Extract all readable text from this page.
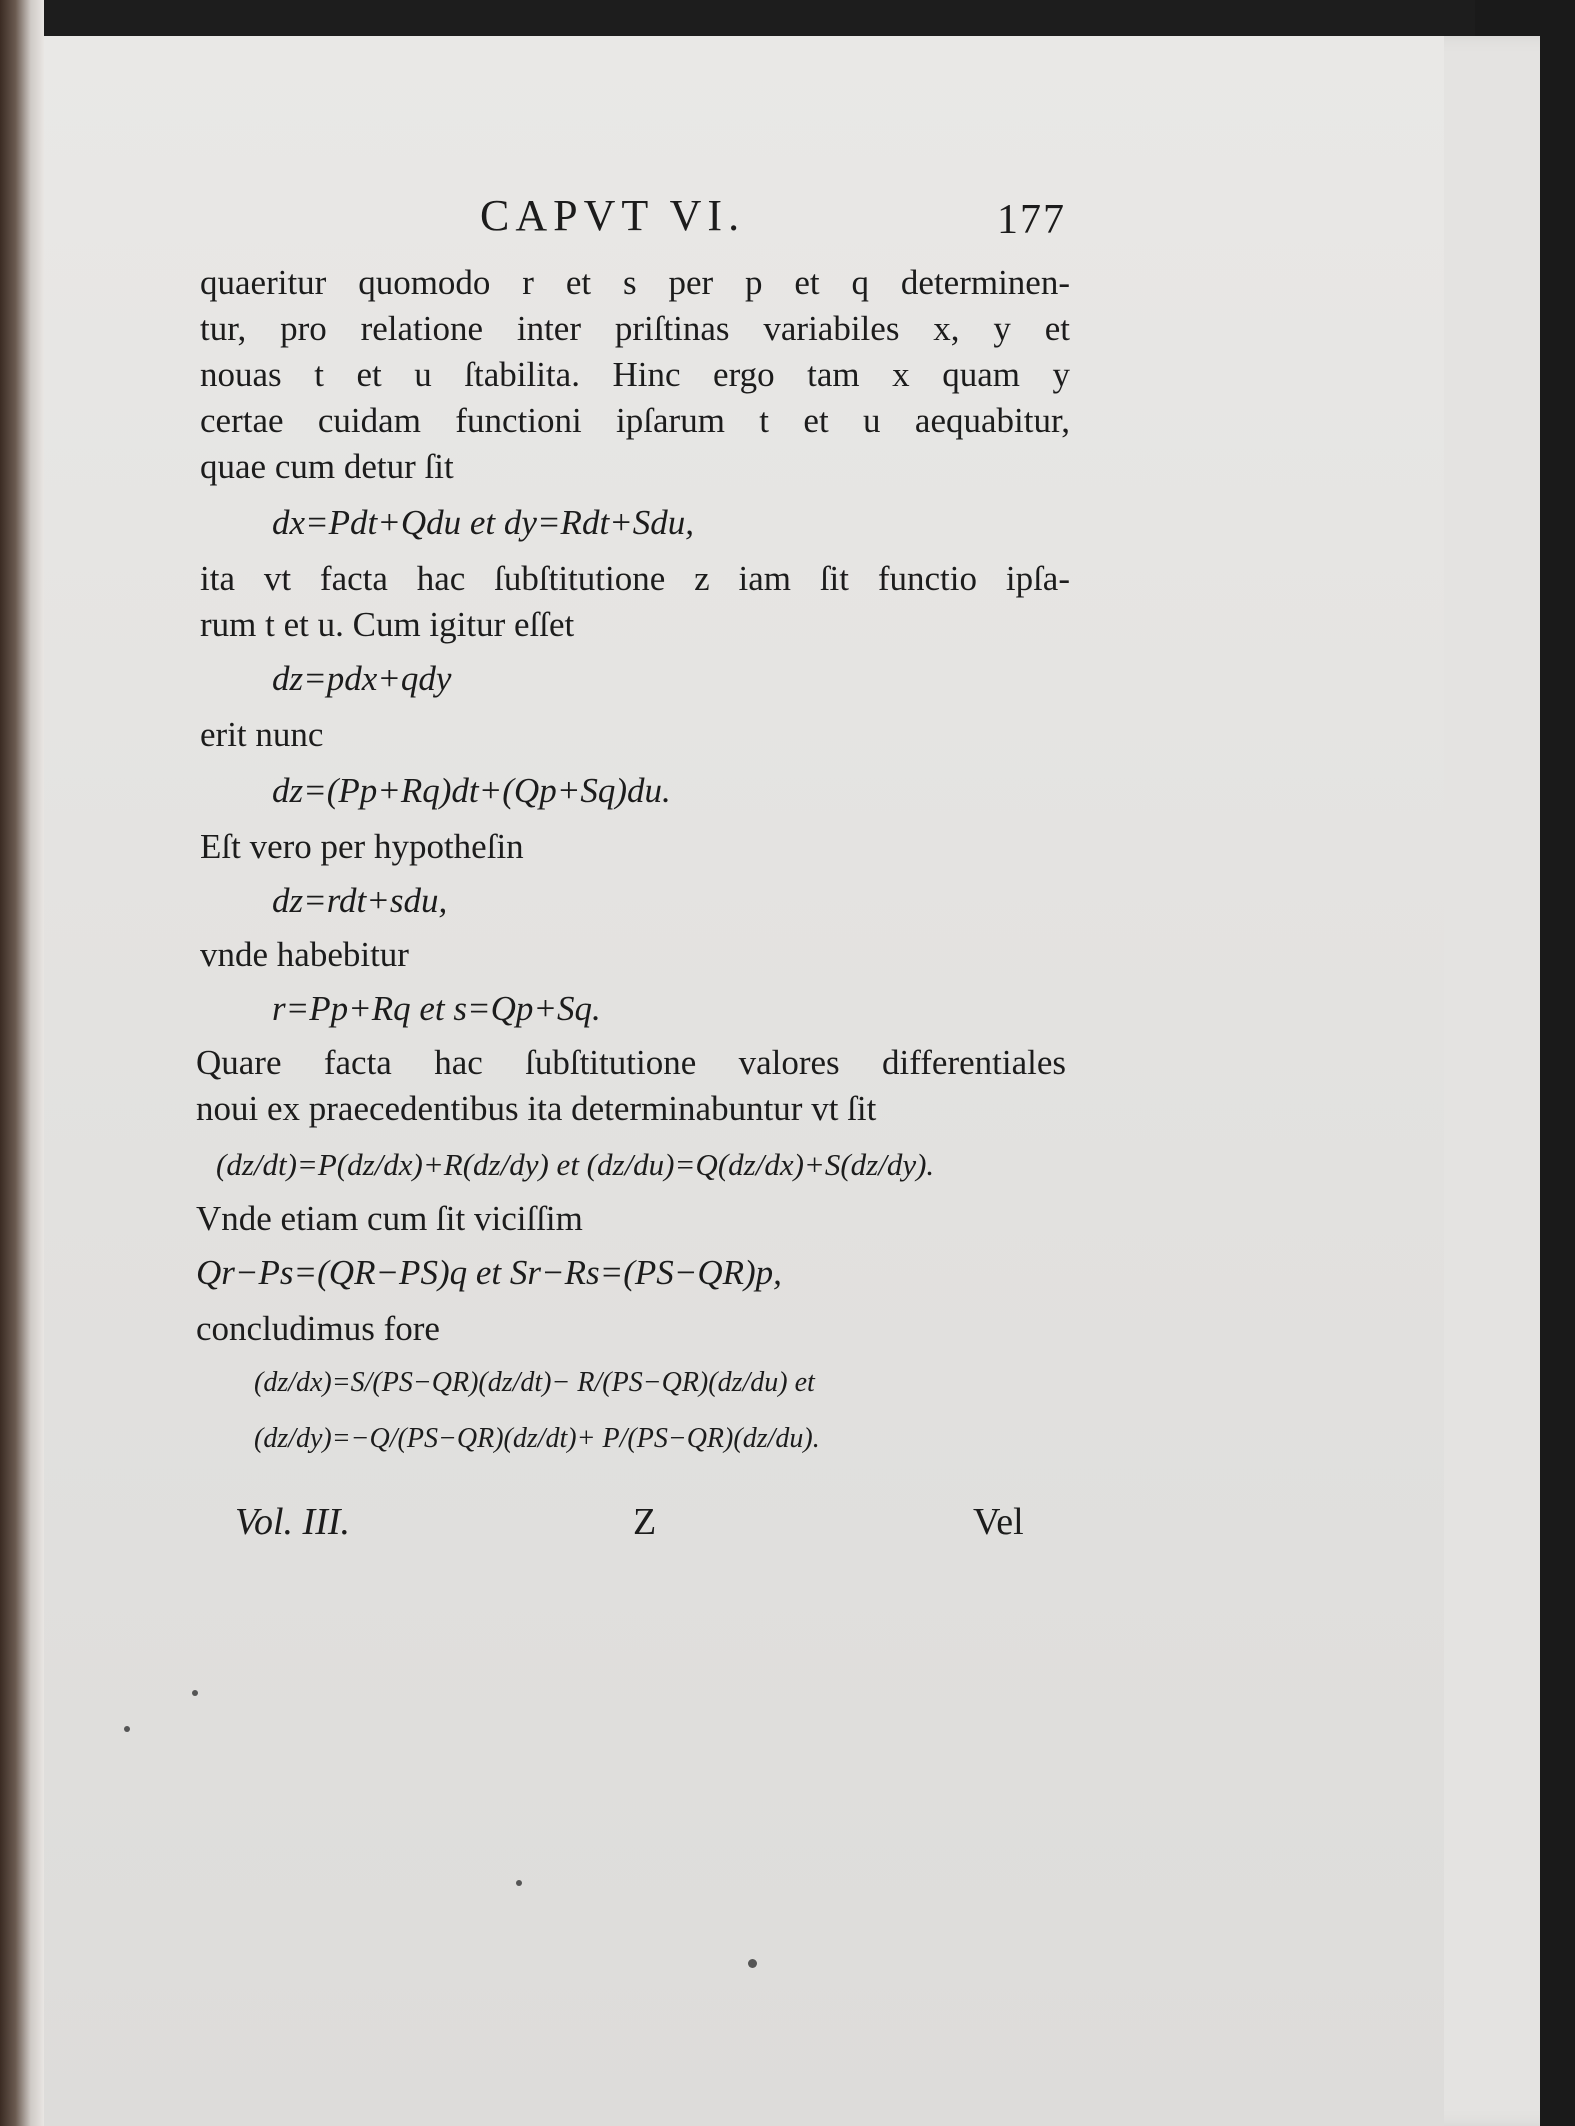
CAPVT VI.	177
quaeritur quomodo r et s per p et q determinen-
tur, pro relatione inter priſtinas variabiles x, y et
nouas t et u ſtabilita. Hinc ergo tam x quam y
certae cuidam functioni ipſarum t et u aequabitur,
quae cum detur ſit
dx=Pdt+Qdu et dy=Rdt+Sdu,
ita vt facta hac ſubſtitutione z iam ſit functio ipſa-
rum t et u. Cum igitur eſſet
dz=pdx+qdy
erit nunc
dz=(Pp+Rq)dt+(Qp+Sq)du.
Eſt vero per hypotheſin
dz=rdt+sdu,
vnde habebitur
r=Pp+Rq et s=Qp+Sq.
Quare facta hac ſubſtitutione valores differentiales
noui ex praecedentibus ita determinabuntur vt ſit
(dz/dt)=P(dz/dx)+R(dz/dy) et (dz/du)=Q(dz/dx)+S(dz/dy).
Vnde etiam cum ſit viciſſim
Qr−Ps=(QR−PS)q et Sr−Rs=(PS−QR)p,
concludimus fore
(dz/dx)=S/(PS−QR)(dz/dt)− R/(PS−QR)(dz/du) et
(dz/dy)=−Q/(PS−QR)(dz/dt)+ P/(PS−QR)(dz/du).
Vol. III.	Z	Vel
